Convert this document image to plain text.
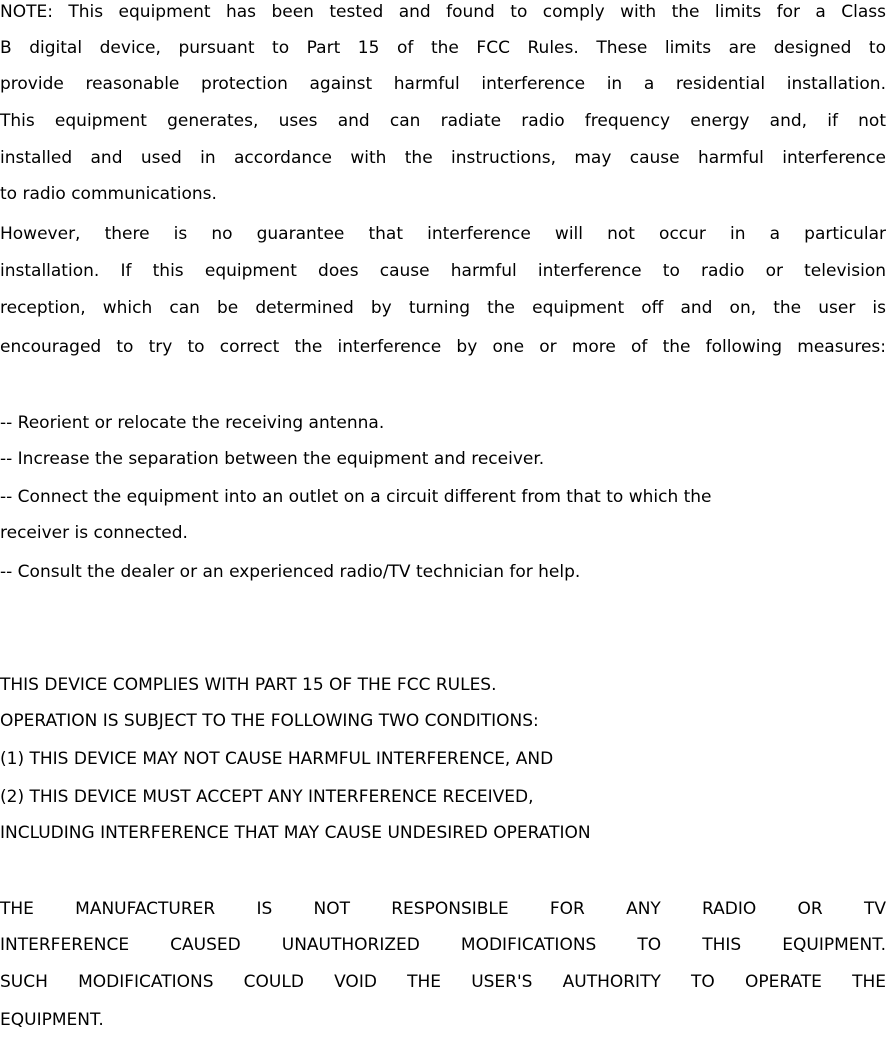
NOTE: This equipment has been tested and found to comply with the limits for a Class
B digital device, pursuant to Part 15 of the FCC Rules. These limits are designed to
provide reasonable protection against harmful interference in a residential installation.
This equipment generates, uses and can radiate radio frequency energy and, if not
installed and used in accordance with the instructions, may cause harmful interference
to radio communications.
However, there is no guarantee that interference will not occur in a particular
installation. If this equipment does cause harmful interference to radio or television
reception, which can be determined by turning the equipment off and on, the user is
encouraged to try to correct the interference by one or more of the following measures:
-- Reorient or relocate the receiving antenna.
-- Increase the separation between the equipment and receiver.
-- Connect the equipment into an outlet on a circuit different from that to which the
receiver is connected.
-- Consult the dealer or an experienced radio/TV technician for help.
THIS DEVICE COMPLIES WITH PART 15 OF THE FCC RULES.
OPERATION IS SUBJECT TO THE FOLLOWING TWO CONDITIONS:
(1) THIS DEVICE MAY NOT CAUSE HARMFUL INTERFERENCE, AND
(2) THIS DEVICE MUST ACCEPT ANY INTERFERENCE RECEIVED,
INCLUDING INTERFERENCE THAT MAY CAUSE UNDESIRED OPERATION
THE MANUFACTURER IS NOT RESPONSIBLE FOR ANY RADIO OR TV
INTERFERENCE CAUSED UNAUTHORIZED MODIFICATIONS TO THIS EQUIPMENT.
SUCH MODIFICATIONS COULD VOID THE USER'S AUTHORITY TO OPERATE THE
EQUIPMENT.
